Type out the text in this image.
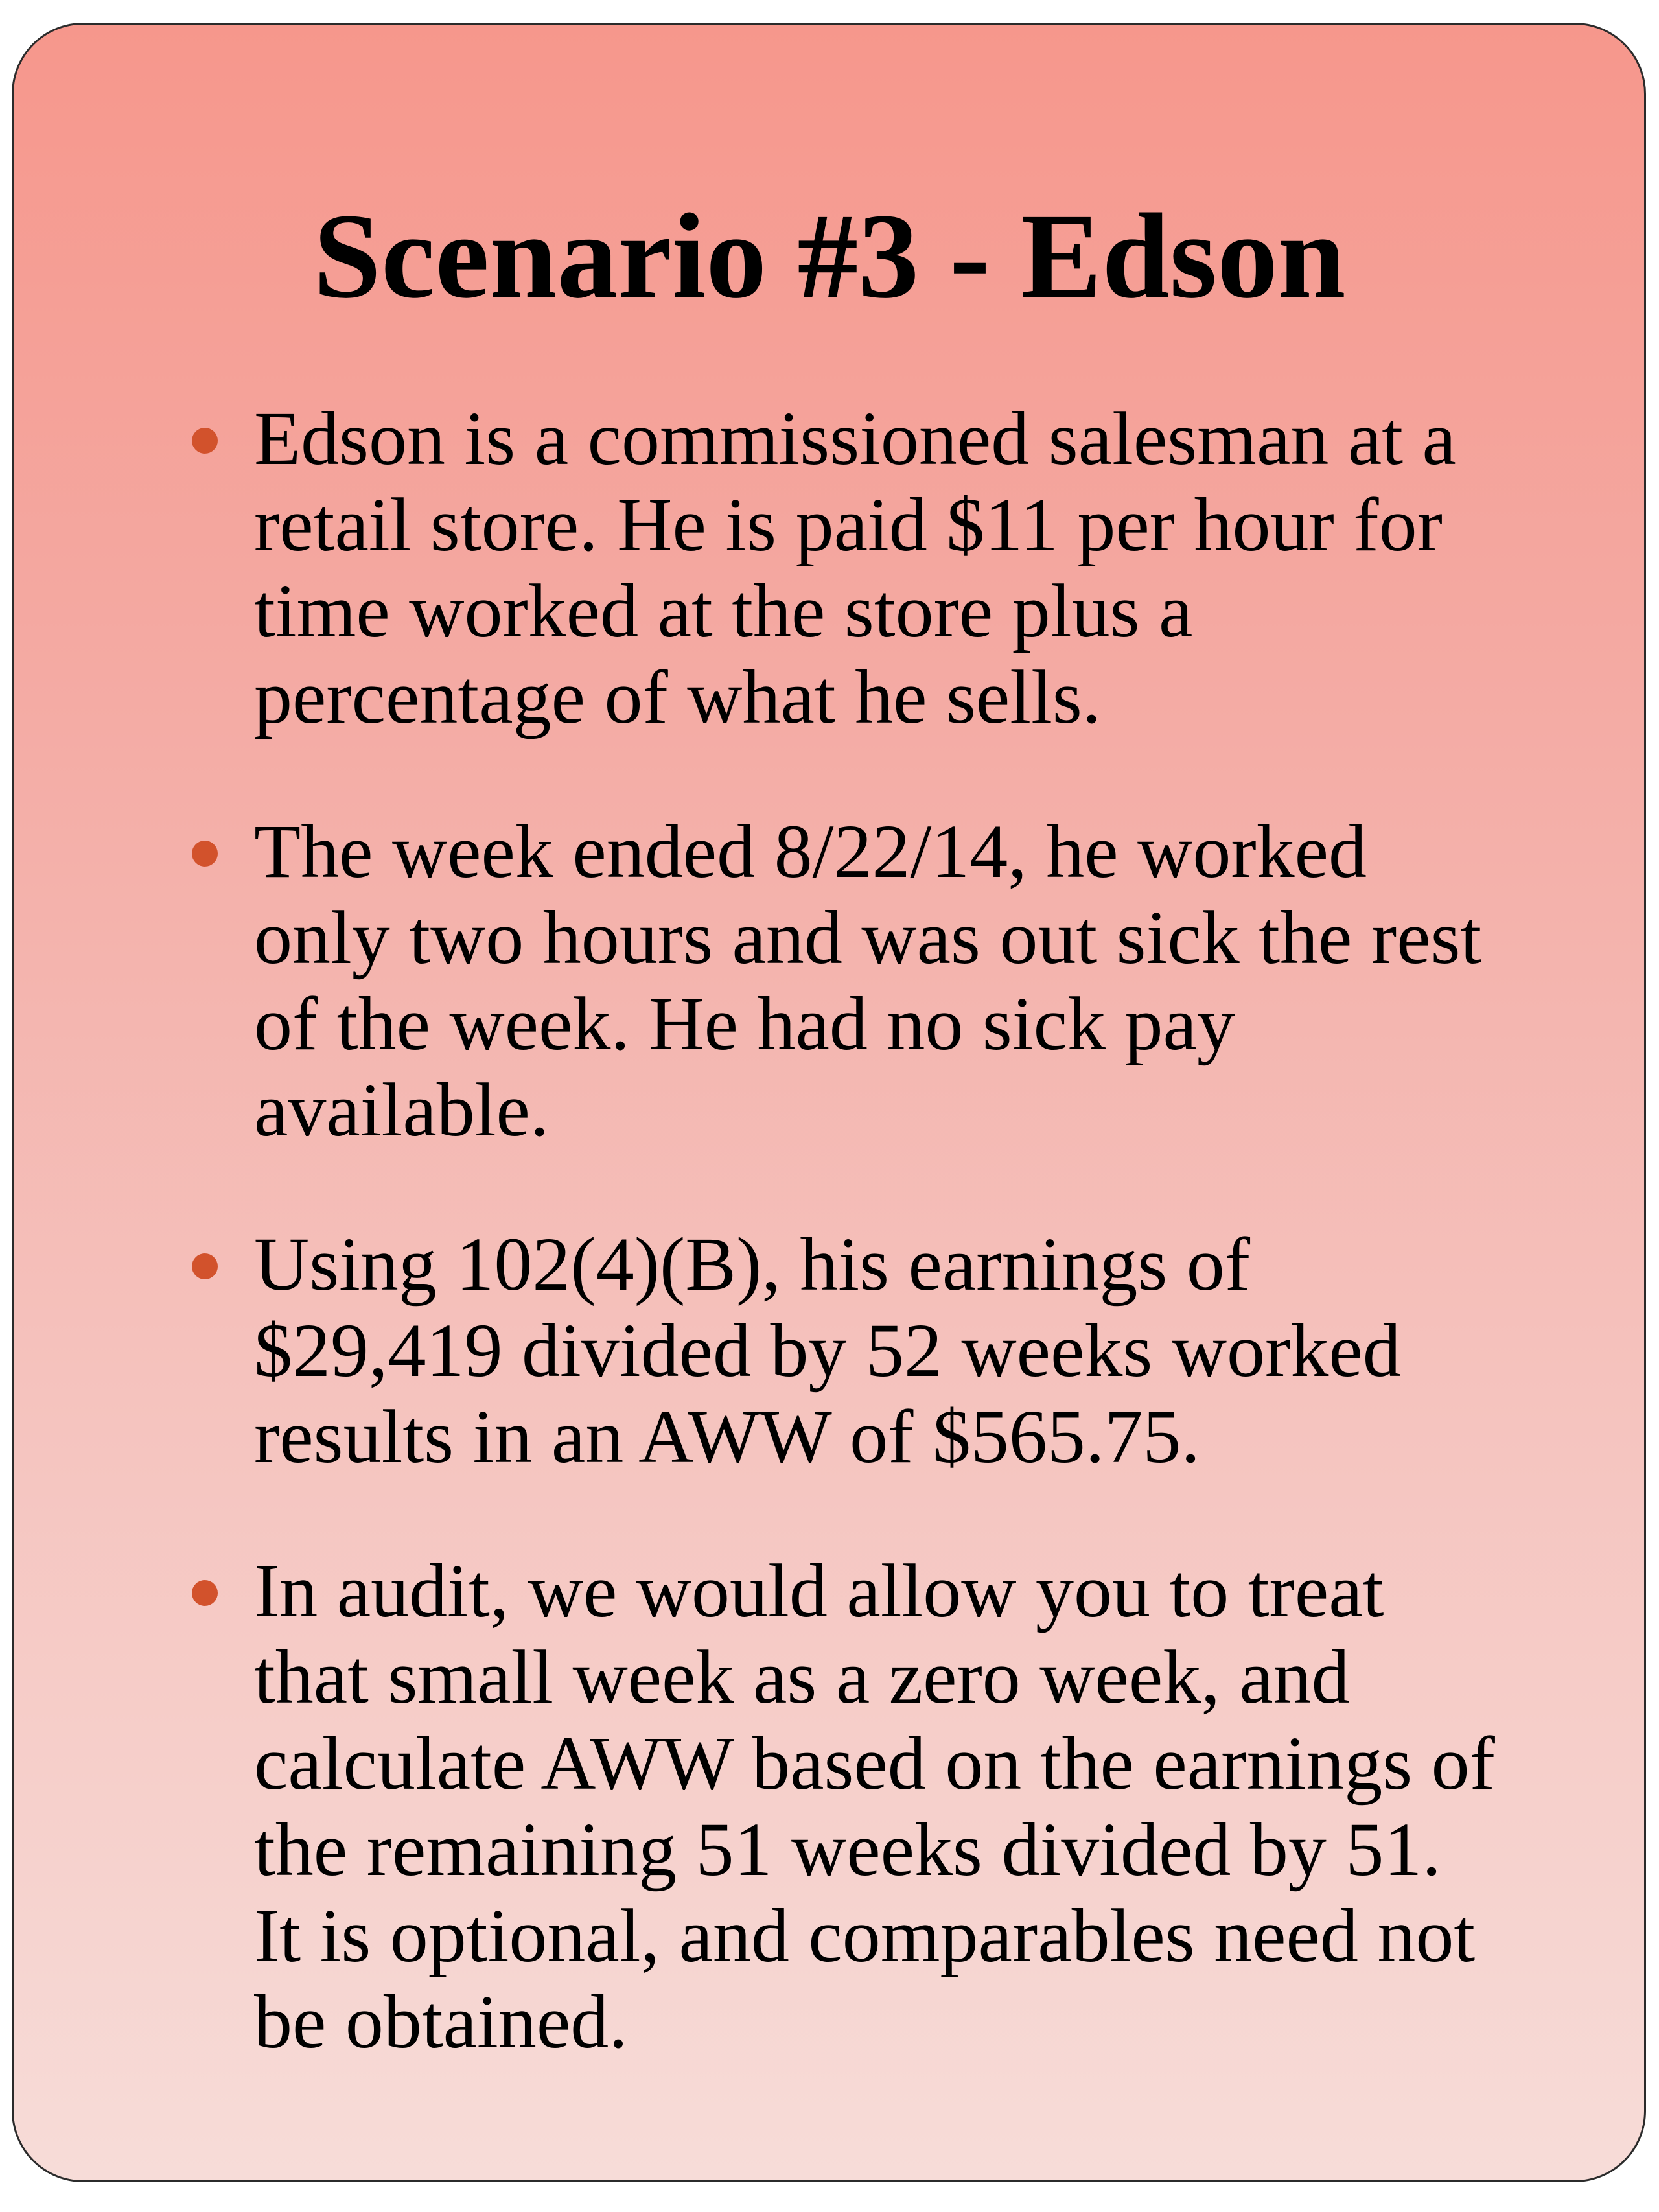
Scenario #3 - Edson
Edson is a commissioned salesman at a
retail store. He is paid $11 per hour for
time worked at the store plus a
percentage of what he sells.
The week ended 8/22/14, he worked
only two hours and was out sick the rest
of the week. He had no sick pay
available.
Using 102(4)(B), his earnings of
$29,419 divided by 52 weeks worked
results in an AWW of $565.75.
In audit, we would allow you to treat
that small week as a zero week, and
calculate AWW based on the earnings of
the remaining 51 weeks divided by 51.
It is optional, and comparables need not
be obtained.
